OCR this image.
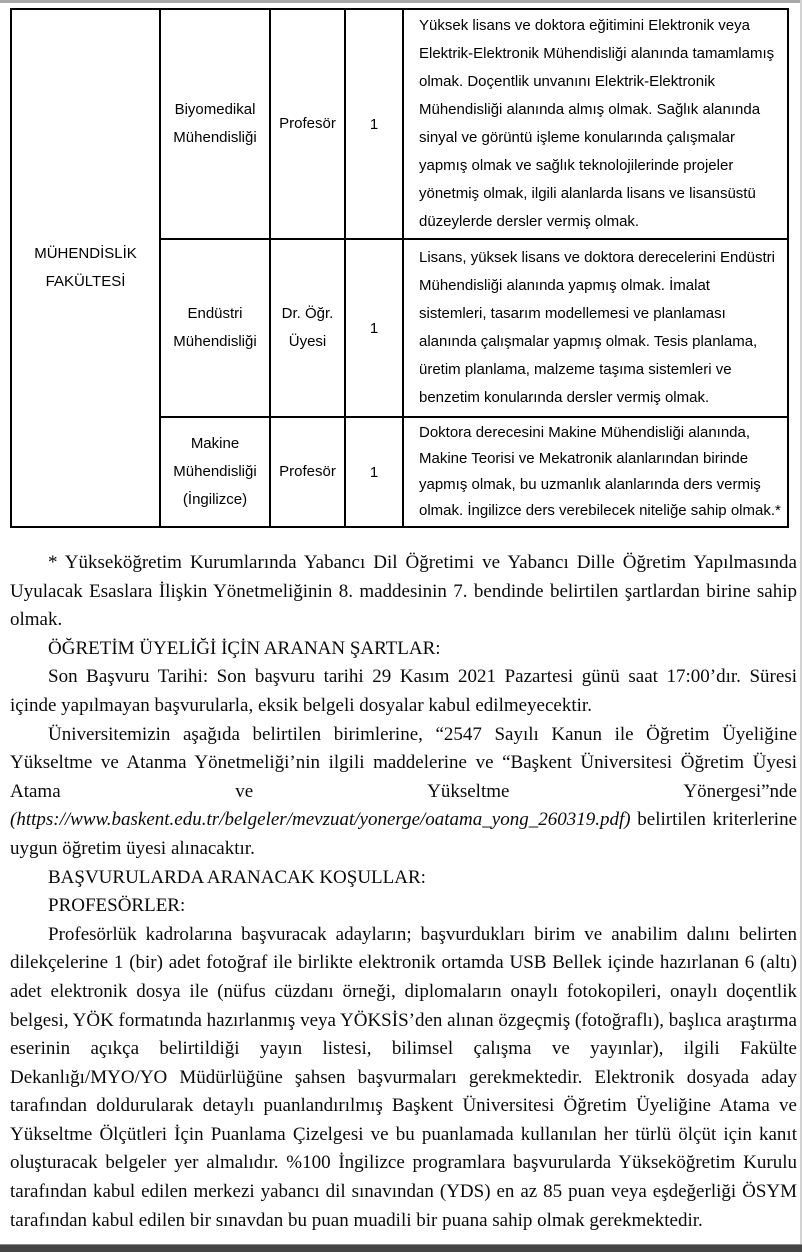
MÜHENDİSLİK FAKÜLTESİ	Biyomedikal Mühendisliği	Profesör	1	Yüksek lisans ve doktora eğitimini Elektronik veya Elektrik-Elektronik Mühendisliği alanında tamamlamış olmak. Doçentlik unvanını Elektrik-Elektronik Mühendisliği alanında almış olmak. Sağlık alanında sinyal ve görüntü işleme konularında çalışmalar yapmış olmak ve sağlık teknolojilerinde projeler yönetmiş olmak, ilgili alanlarda lisans ve lisansüstü düzeylerde dersler vermiş olmak.
	Endüstri Mühendisliği	Dr. Öğr. Üyesi	1	Lisans, yüksek lisans ve doktora derecelerini Endüstri Mühendisliği alanında yapmış olmak. İmalat sistemleri, tasarım modellemesi ve planlaması alanında çalışmalar yapmış olmak. Tesis planlama, üretim planlama, malzeme taşıma sistemleri ve benzetim konularında dersler vermiş olmak.
	Makine Mühendisliği (İngilizce)	Profesör	1	Doktora derecesini Makine Mühendisliği alanında, Makine Teorisi ve Mekatronik alanlarından birinde yapmış olmak, bu uzmanlık alanlarında ders vermiş olmak. İngilizce ders verebilecek niteliğe sahip olmak.*

* Yükseköğretim Kurumlarında Yabancı Dil Öğretimi ve Yabancı Dille Öğretim Yapılmasında Uyulacak Esaslara İlişkin Yönetmeliğinin 8. maddesinin 7. bendinde belirtilen şartlardan birine sahip olmak.

ÖĞRETİM ÜYELİĞİ İÇİN ARANAN ŞARTLAR:

Son Başvuru Tarihi: Son başvuru tarihi 29 Kasım 2021 Pazartesi günü saat 17:00’dır. Süresi içinde yapılmayan başvurularla, eksik belgeli dosyalar kabul edilmeyecektir.

Üniversitemizin aşağıda belirtilen birimlerine, “2547 Sayılı Kanun ile Öğretim Üyeliğine Yükseltme ve Atanma Yönetmeliği’nin ilgili maddelerine ve “Başkent Üniversitesi Öğretim Üyesi Atama ve Yükseltme Yönergesi”nde (https://www.baskent.edu.tr/belgeler/mevzuat/yonerge/oatama_yong_260319.pdf) belirtilen kriterlerine uygun öğretim üyesi alınacaktır.

BAŞVURULARDA ARANACAK KOŞULLAR:

PROFESÖRLER:

Profesörlük kadrolarına başvuracak adayların; başvurdukları birim ve anabilim dalını belirten dilekçelerine 1 (bir) adet fotoğraf ile birlikte elektronik ortamda USB Bellek içinde hazırlanan 6 (altı) adet elektronik dosya ile (nüfus cüzdanı örneği, diplomaların onaylı fotokopileri, onaylı doçentlik belgesi, YÖK formatında hazırlanmış veya YÖKSİS’den alınan özgeçmiş (fotoğraflı), başlıca araştırma eserinin açıkça belirtildiği yayın listesi, bilimsel çalışma ve yayınlar), ilgili Fakülte Dekanlığı/MYO/YO Müdürlüğüne şahsen başvurmaları gerekmektedir. Elektronik dosyada aday tarafından doldurularak detaylı puanlandırılmış Başkent Üniversitesi Öğretim Üyeliğine Atama ve Yükseltme Ölçütleri İçin Puanlama Çizelgesi ve bu puanlamada kullanılan her türlü ölçüt için kanıt oluşturacak belgeler yer almalıdır. %100 İngilizce programlara başvurularda Yükseköğretim Kurulu tarafından kabul edilen merkezi yabancı dil sınavından (YDS) en az 85 puan veya eşdeğerliği ÖSYM tarafından kabul edilen bir sınavdan bu puan muadili bir puana sahip olmak gerekmektedir.
